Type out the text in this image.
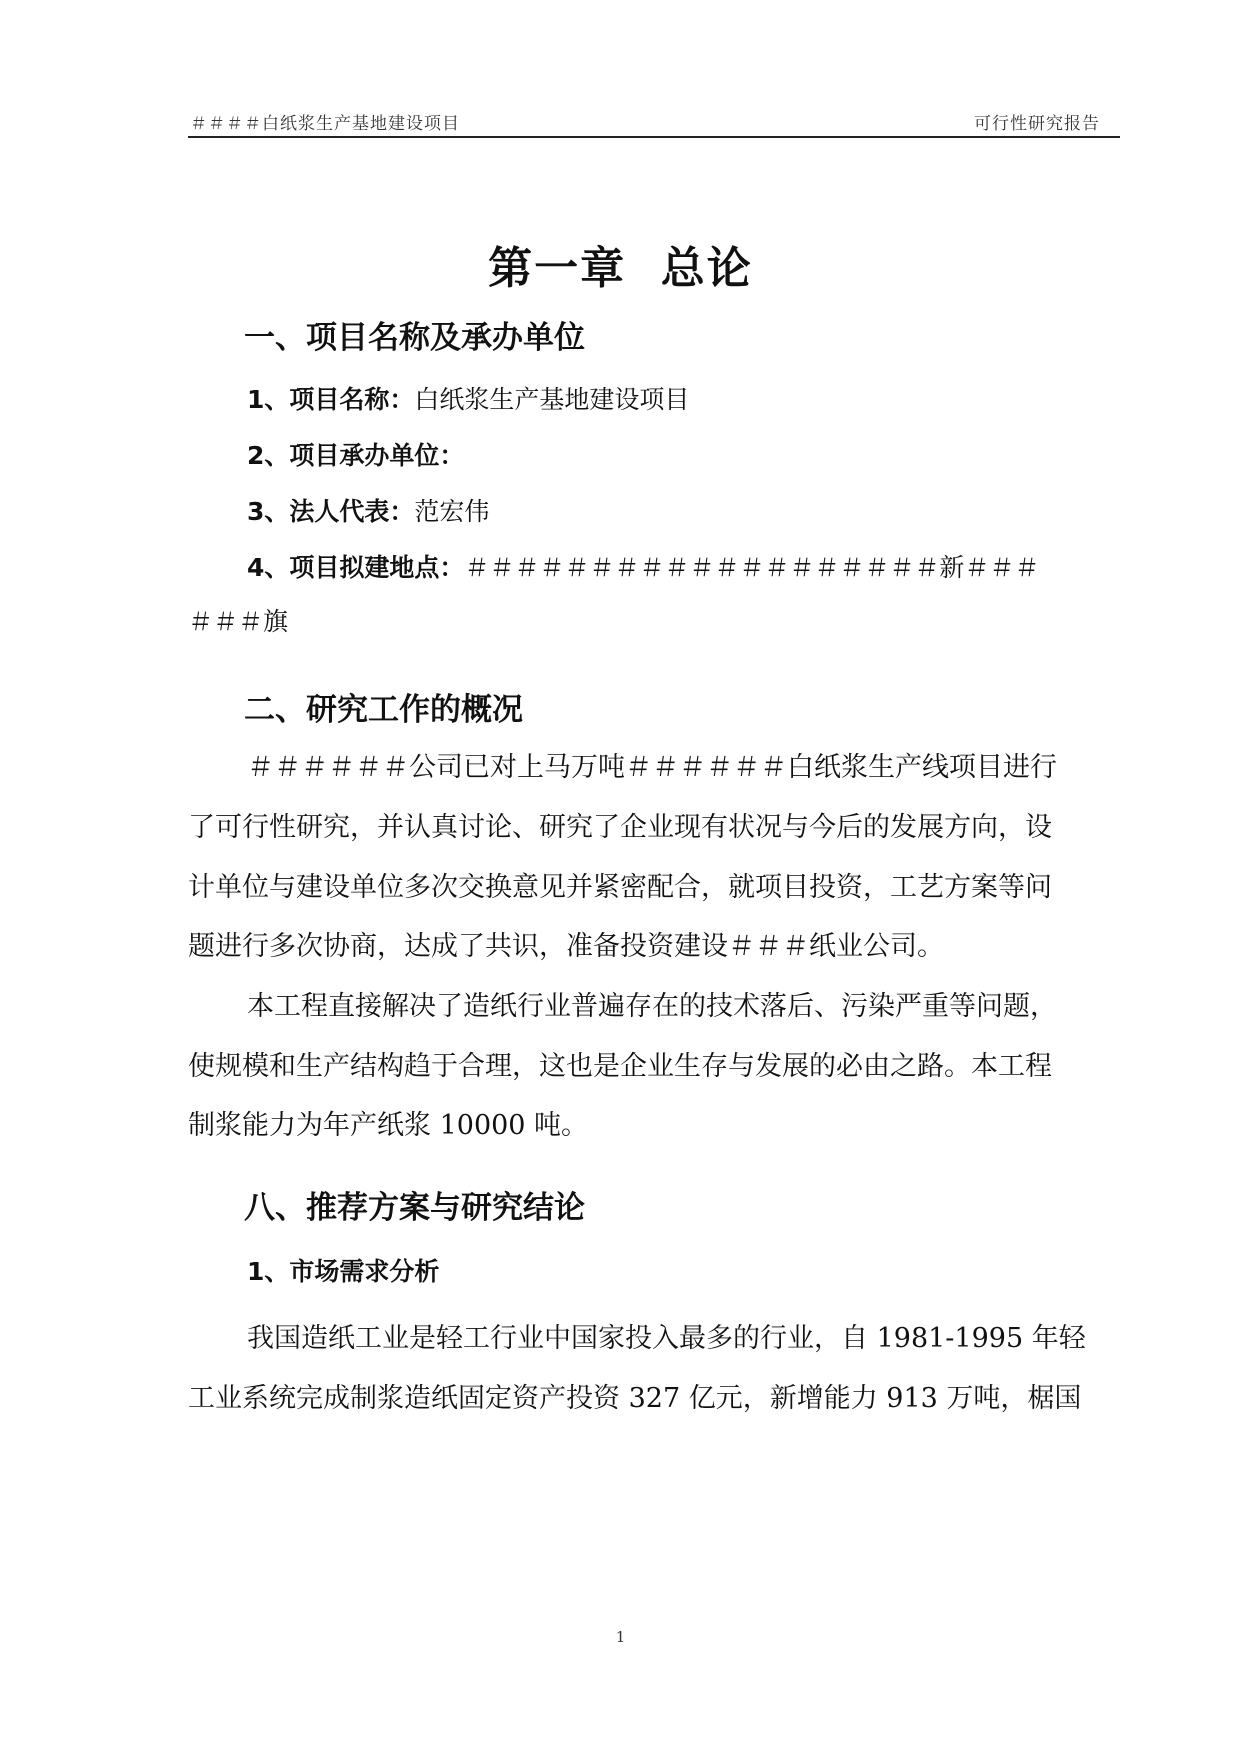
＃＃＃＃白纸浆生产基地建设项目	可行性研究报告
第一章  总论
一、项目名称及承办单位
1、项目名称：白纸浆生产基地建设项目
2、项目承办单位：
3、法人代表：范宏伟
4、项目拟建地点：＃＃＃＃＃＃＃＃＃＃＃＃＃＃＃＃＃＃＃新＃＃＃
＃＃＃旗
二、研究工作的概况
＃＃＃＃＃＃公司已对上马万吨＃＃＃＃＃＃白纸浆生产线项目进行
了可行性研究，并认真讨论、研究了企业现有状况与今后的发展方向，设
计单位与建设单位多次交换意见并紧密配合，就项目投资，工艺方案等问
题进行多次协商，达成了共识，准备投资建设＃＃＃纸业公司。
本工程直接解决了造纸行业普遍存在的技术落后、污染严重等问题，
使规模和生产结构趋于合理，这也是企业生存与发展的必由之路。本工程
制浆能力为年产纸浆 10000 吨。
八、推荐方案与研究结论
1、市场需求分析
我国造纸工业是轻工行业中国家投入最多的行业，自 1981-1995 年轻
工业系统完成制浆造纸固定资产投资 327 亿元，新增能力 913 万吨，椐国
1
